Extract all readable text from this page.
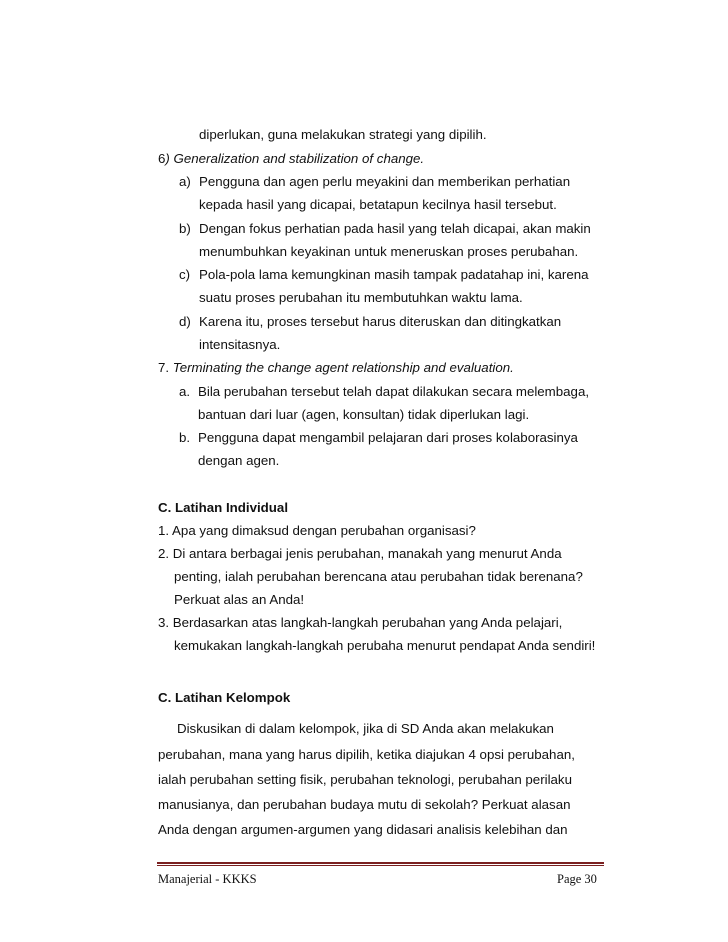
diperlukan, guna melakukan strategi yang dipilih.
6) Generalization and stabilization of change.
a) Pengguna dan agen perlu meyakini dan memberikan perhatian
kepada hasil yang dicapai, betatapun kecilnya hasil tersebut.
b) Dengan fokus perhatian pada hasil yang telah dicapai, akan makin
menumbuhkan keyakinan untuk meneruskan proses perubahan.
c) Pola-pola lama kemungkinan masih tampak padatahap ini, karena
suatu proses perubahan itu membutuhkan waktu lama.
d) Karena itu, proses tersebut harus diteruskan dan ditingkatkan
intensitasnya.
7. Terminating the change agent relationship and evaluation.
a. Bila perubahan tersebut telah dapat dilakukan secara melembaga,
bantuan dari luar (agen, konsultan) tidak diperlukan lagi.
b. Pengguna dapat mengambil pelajaran dari proses kolaborasinya
dengan agen.
C. Latihan Individual
1. Apa yang dimaksud dengan perubahan organisasi?
2. Di antara berbagai jenis perubahan, manakah yang menurut Anda
penting, ialah perubahan berencana atau perubahan tidak berenana?
Perkuat alas an Anda!
3. Berdasarkan atas langkah-langkah perubahan yang Anda pelajari,
kemukakan langkah-langkah perubaha menurut pendapat Anda sendiri!
C. Latihan Kelompok
Diskusikan di dalam kelompok, jika di SD Anda akan melakukan
perubahan, mana yang harus dipilih, ketika diajukan 4 opsi perubahan,
ialah perubahan setting fisik, perubahan teknologi, perubahan perilaku
manusianya, dan perubahan budaya mutu di sekolah? Perkuat alasan
Anda dengan argumen-argumen yang didasari analisis kelebihan dan
Manajerial - KKKS	Page 30
